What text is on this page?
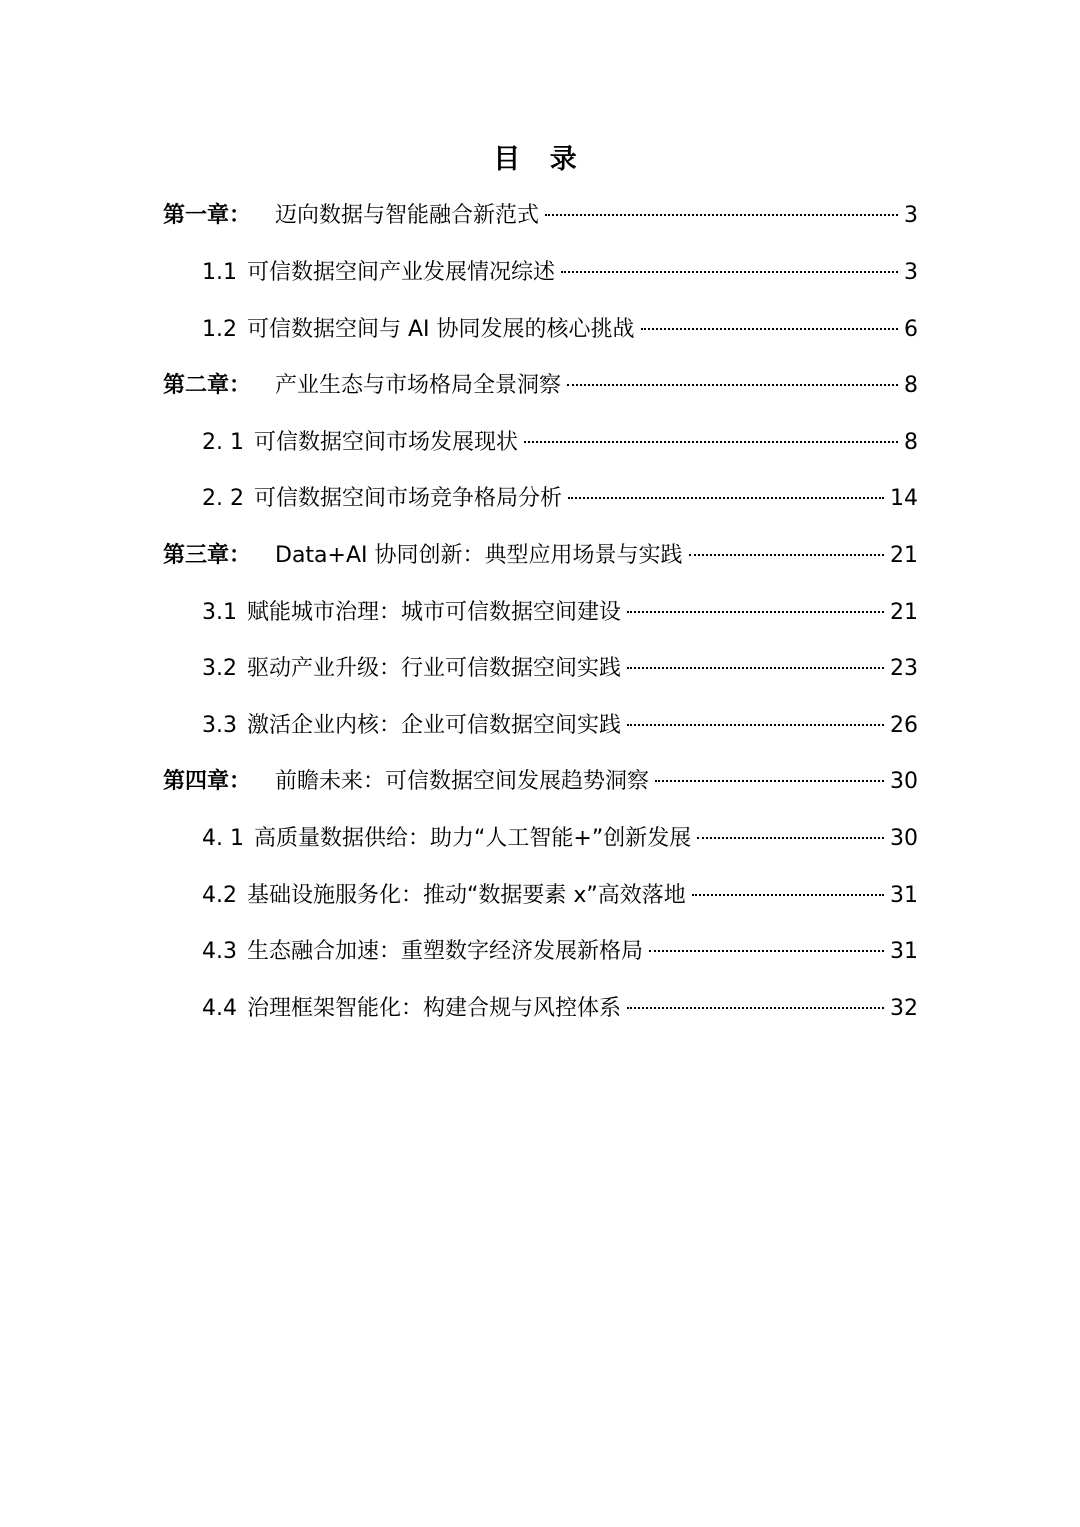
目 录
第一章：	迈向数据与智能融合新范式	3
1.1 可信数据空间产业发展情况综述	3
1.2 可信数据空间与 AI 协同发展的核心挑战	6
第二章：	产业生态与市场格局全景洞察	8
2. 1 可信数据空间市场发展现状	8
2. 2 可信数据空间市场竞争格局分析	14
第三章：	Data+AI 协同创新：典型应用场景与实践	21
3.1 赋能城市治理：城市可信数据空间建设	21
3.2 驱动产业升级：行业可信数据空间实践	23
3.3 激活企业内核：企业可信数据空间实践	26
第四章：	前瞻未来：可信数据空间发展趋势洞察	30
4. 1 高质量数据供给：助力“人工智能+”创新发展	30
4.2 基础设施服务化：推动“数据要素 x”高效落地	31
4.3 生态融合加速：重塑数字经济发展新格局	31
4.4 治理框架智能化：构建合规与风控体系	32
